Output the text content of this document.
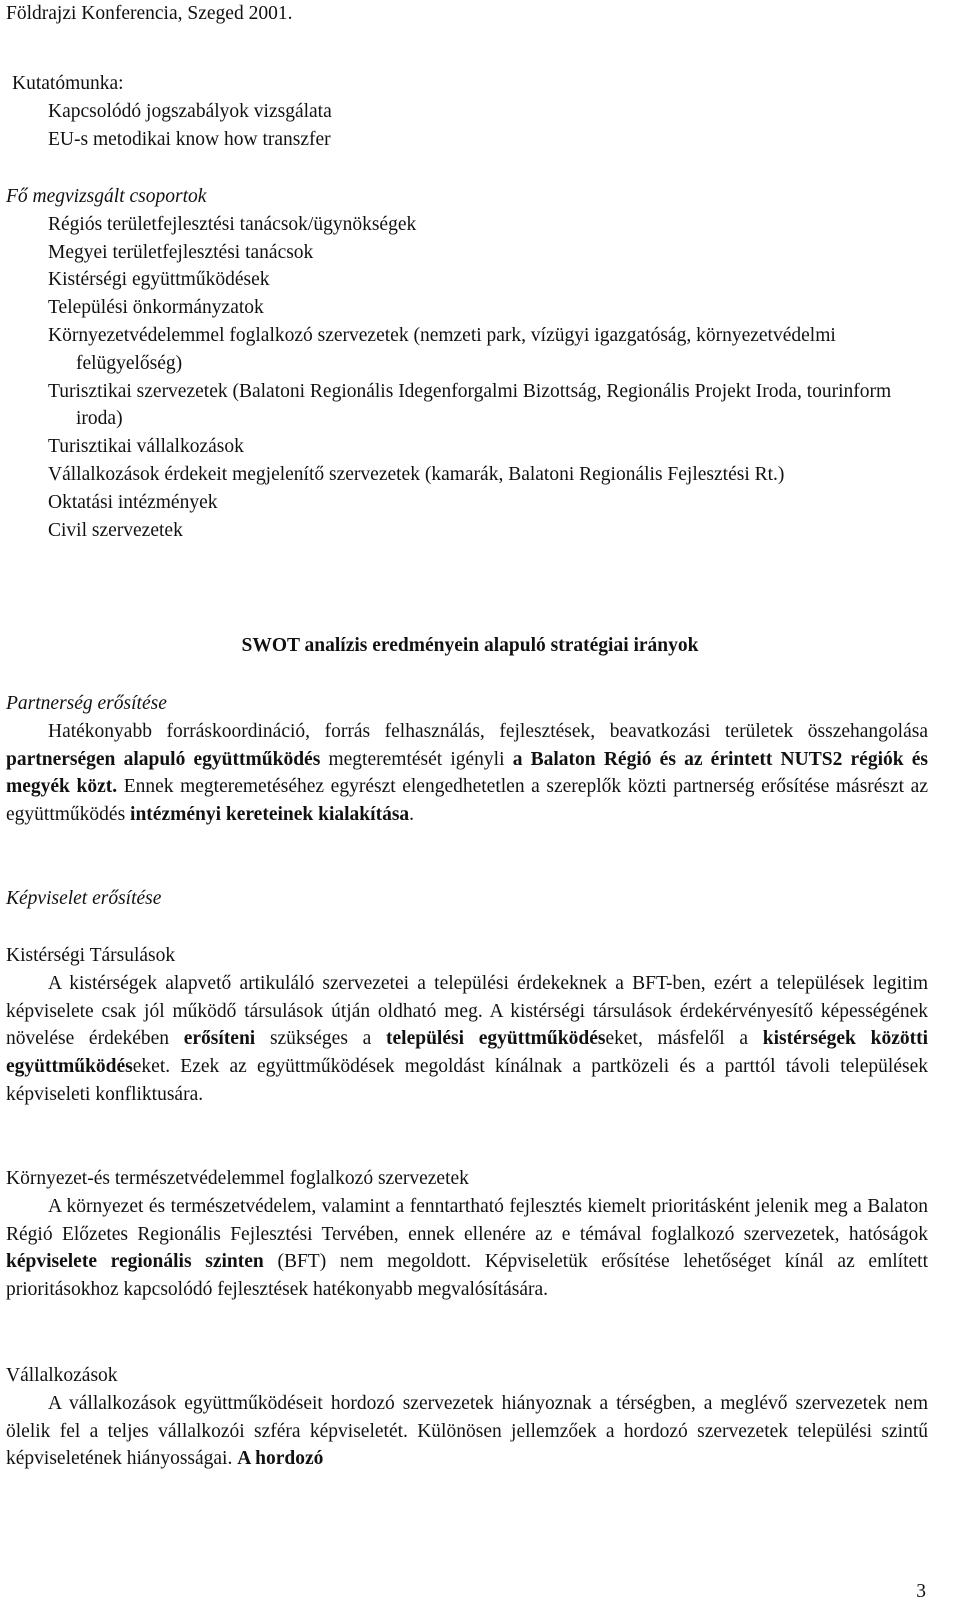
Földrajzi Konferencia, Szeged 2001.
Kutatómunka:
Kapcsolódó jogszabályok vizsgálata
EU-s metodikai know how transzfer
Fő megvizsgált csoportok
Régiós területfejlesztési tanácsok/ügynökségek
Megyei területfejlesztési tanácsok
Kistérségi együttműködések
Települési önkormányzatok
Környezetvédelemmel foglalkozó szervezetek (nemzeti park, vízügyi igazgatóság, környezetvédelmi felügyelőség)
Turisztikai szervezetek (Balatoni Regionális Idegenforgalmi Bizottság, Regionális Projekt Iroda, tourinform iroda)
Turisztikai vállalkozások
Vállalkozások érdekeit megjelenítő szervezetek (kamarák, Balatoni Regionális Fejlesztési Rt.)
Oktatási intézmények
Civil szervezetek
SWOT analízis eredményein alapuló stratégiai irányok
Partnerség erősítése
Hatékonyabb forráskoordináció, forrás felhasználás, fejlesztések, beavatkozási területek összehangolása partnerségen alapuló együttműködés megteremtését igényli a Balaton Régió és az érintett NUTS2 régiók és megyék közt. Ennek megteremetéséhez egyrészt elengedhetetlen a szereplők közti partnerség erősítése másrészt az együttműködés intézményi kereteinek kialakítása.
Képviselet erősítése
Kistérségi Társulások
A kistérségek alapvető artikuláló szervezetei a települési érdekeknek a BFT-ben, ezért a települések legitim képviselete csak jól működő társulások útján oldható meg. A kistérségi társulások érdekérvényesítő képességének növelése érdekében erősíteni szükséges a települési együttműködéseket, másfelől a kistérségek közötti együttműködéseket. Ezek az együttműködések megoldást kínálnak a partközeli és a parttól távoli települések képviseleti konfliktusára.
Környezet-és természetvédelemmel foglalkozó szervezetek
A környezet és természetvédelem, valamint a fenntartható fejlesztés kiemelt prioritásként jelenik meg a Balaton Régió Előzetes Regionális Fejlesztési Tervében, ennek ellenére az e témával foglalkozó szervezetek, hatóságok képviselete regionális szinten (BFT) nem megoldott. Képviseletük erősítése lehetőséget kínál az említett prioritásokhoz kapcsolódó fejlesztések hatékonyabb megvalósítására.
Vállalkozások
A vállalkozások együttműködéseit hordozó szervezetek hiányoznak a térségben, a meglévő szervezetek nem ölelik fel a teljes vállalkozói szféra képviseletét. Különösen jellemzőek a hordozó szervezetek települési szintű képviseletének hiányosságai. A hordozó
3
